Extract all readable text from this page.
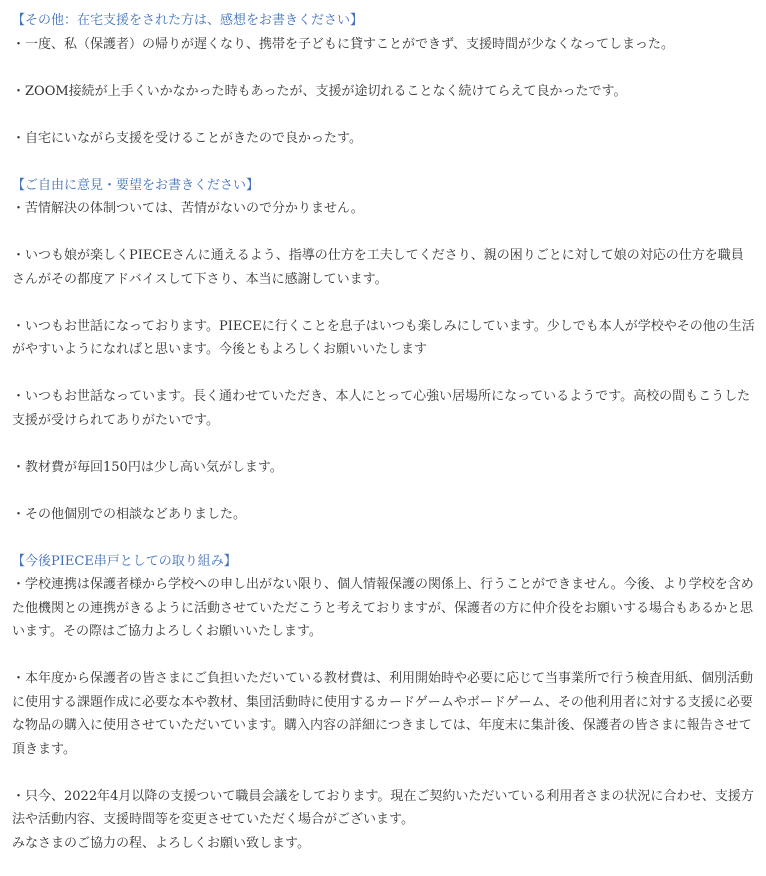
【その他：在宅支援をされた方は、感想をお書きください】

・一度、私（保護者）の帰りが遅くなり、携帯を子どもに貸すことができず、支援時間が少なくなってしまった。

・ZOOM接続が上手くいかなかった時もあったが、支援が途切れることなく続けてらえて良かったです。

・自宅にいながら支援を受けることがきたので良かったす。

【ご自由に意見・要望をお書きください】

・苦情解決の体制ついては、苦情がないので分かりません。

・いつも娘が楽しくPIECEさんに通えるよう、指導の仕方を工夫してくださり、親の困りごとに対して娘の対応の仕方を職員さんがその都度アドバイスして下さり、本当に感謝しています。

・いつもお世話になっております。PIECEに行くことを息子はいつも楽しみにしています。少しでも本人が学校やその他の生活がやすいようになればと思います。今後ともよろしくお願いいたします

・いつもお世話なっています。長く通わせていただき、本人にとって心強い居場所になっているようです。高校の間もこうした支援が受けられてありがたいです。

・教材費が毎回150円は少し高い気がします。

・その他個別での相談などありました。

【今後PIECE串戸としての取り組み】

・学校連携は保護者様から学校への申し出がない限り、個人情報保護の関係上、行うことができません。今後、より学校を含めた他機関との連携がきるように活動させていただこうと考えておりますが、保護者の方に仲介役をお願いする場合もあるかと思います。その際はご協力よろしくお願いいたします。

・本年度から保護者の皆さまにご負担いただいている教材費は、利用開始時や必要に応じて当事業所で行う検査用紙、個別活動に使用する課題作成に必要な本や教材、集団活動時に使用するカードゲームやボードゲーム、その他利用者に対する支援に必要な物品の購入に使用させていただいています。購入内容の詳細につきましては、年度末に集計後、保護者の皆さまに報告させて頂きます。

・只今、2022年4月以降の支援ついて職員会議をしております。現在ご契約いただいている利用者さまの状況に合わせ、支援方法や活動内容、支援時間等を変更させていただく場合がございます。

みなさまのご協力の程、よろしくお願い致します。
